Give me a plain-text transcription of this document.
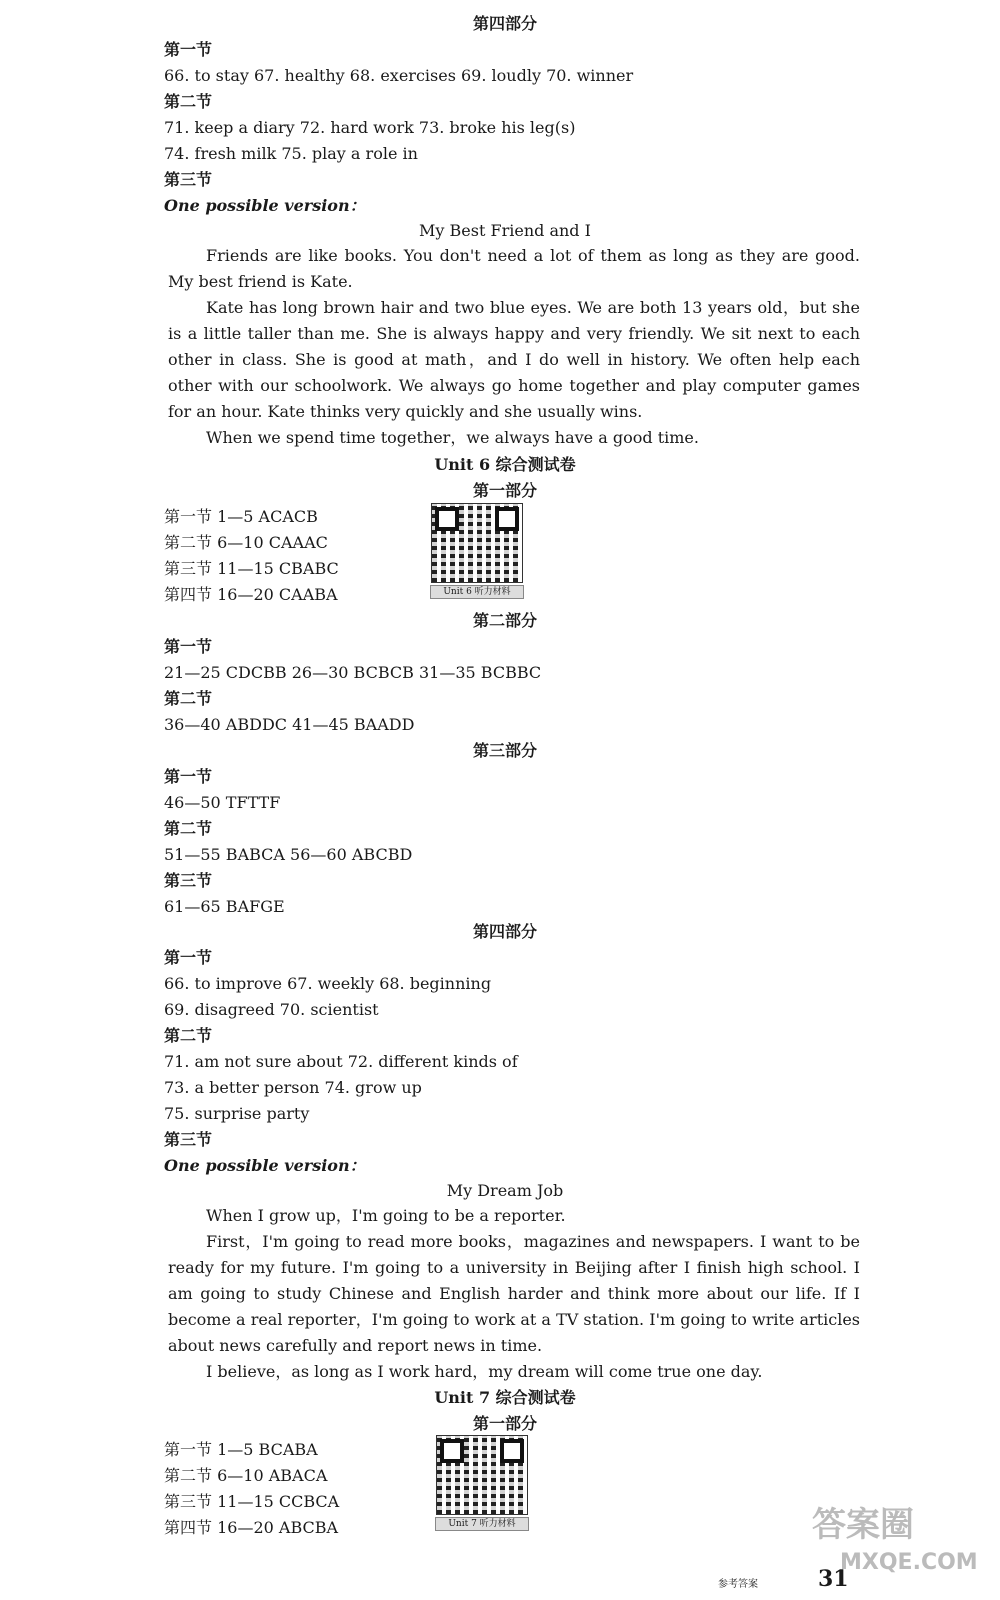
第四部分
第一节
66. to stay 67. healthy 68. exercises 69. loudly 70. winner
第二节
71. keep a diary 72. hard work 73. broke his leg(s)
74. fresh milk 75. play a role in
第三节
One possible version：
My Best Friend and I
Friends are like books. You don't need a lot of them as long as they are good. My best friend is Kate.
Kate has long brown hair and two blue eyes. We are both 13 years old，but she is a little taller than me. She is always happy and very friendly. We sit next to each other in class. She is good at math，and I do well in history. We often help each other with our schoolwork. We always go home together and play computer games for an hour. Kate thinks very quickly and she usually wins.
When we spend time together，we always have a good time.
Unit 6 综合测试卷
第一部分
第一节 1—5 ACACB
第二节 6—10 CAAAC
第三节 11—15 CBABC
第四节 16—20 CAABA	Unit 6 听力材料
第二部分
第一节
21—25 CDCBB 26—30 BCBCB 31—35 BCBBC
第二节
36—40 ABDDC 41—45 BAADD
第三部分
第一节
46—50 TFTTF
第二节
51—55 BABCA 56—60 ABCBD
第三节
61—65 BAFGE
第四部分
第一节
66. to improve 67. weekly 68. beginning
69. disagreed 70. scientist
第二节
71. am not sure about 72. different kinds of
73. a better person 74. grow up
75. surprise party
第三节
One possible version：
My Dream Job
When I grow up，I'm going to be a reporter.
First，I'm going to read more books，magazines and newspapers. I want to be ready for my future. I'm going to a university in Beijing after I finish high school. I am going to study Chinese and English harder and think more about our life. If I become a real reporter，I'm going to work at a TV station. I'm going to write articles about news carefully and report news in time.
I believe，as long as I work hard，my dream will come true one day.
Unit 7 综合测试卷
第一部分
第一节 1—5 BCABA
第二节 6—10 ABACA
第三节 11—15 CCBCA
第四节 16—20 ABCBA	Unit 7 听力材料
参考答案	31
答案圈
MXQE.COM
